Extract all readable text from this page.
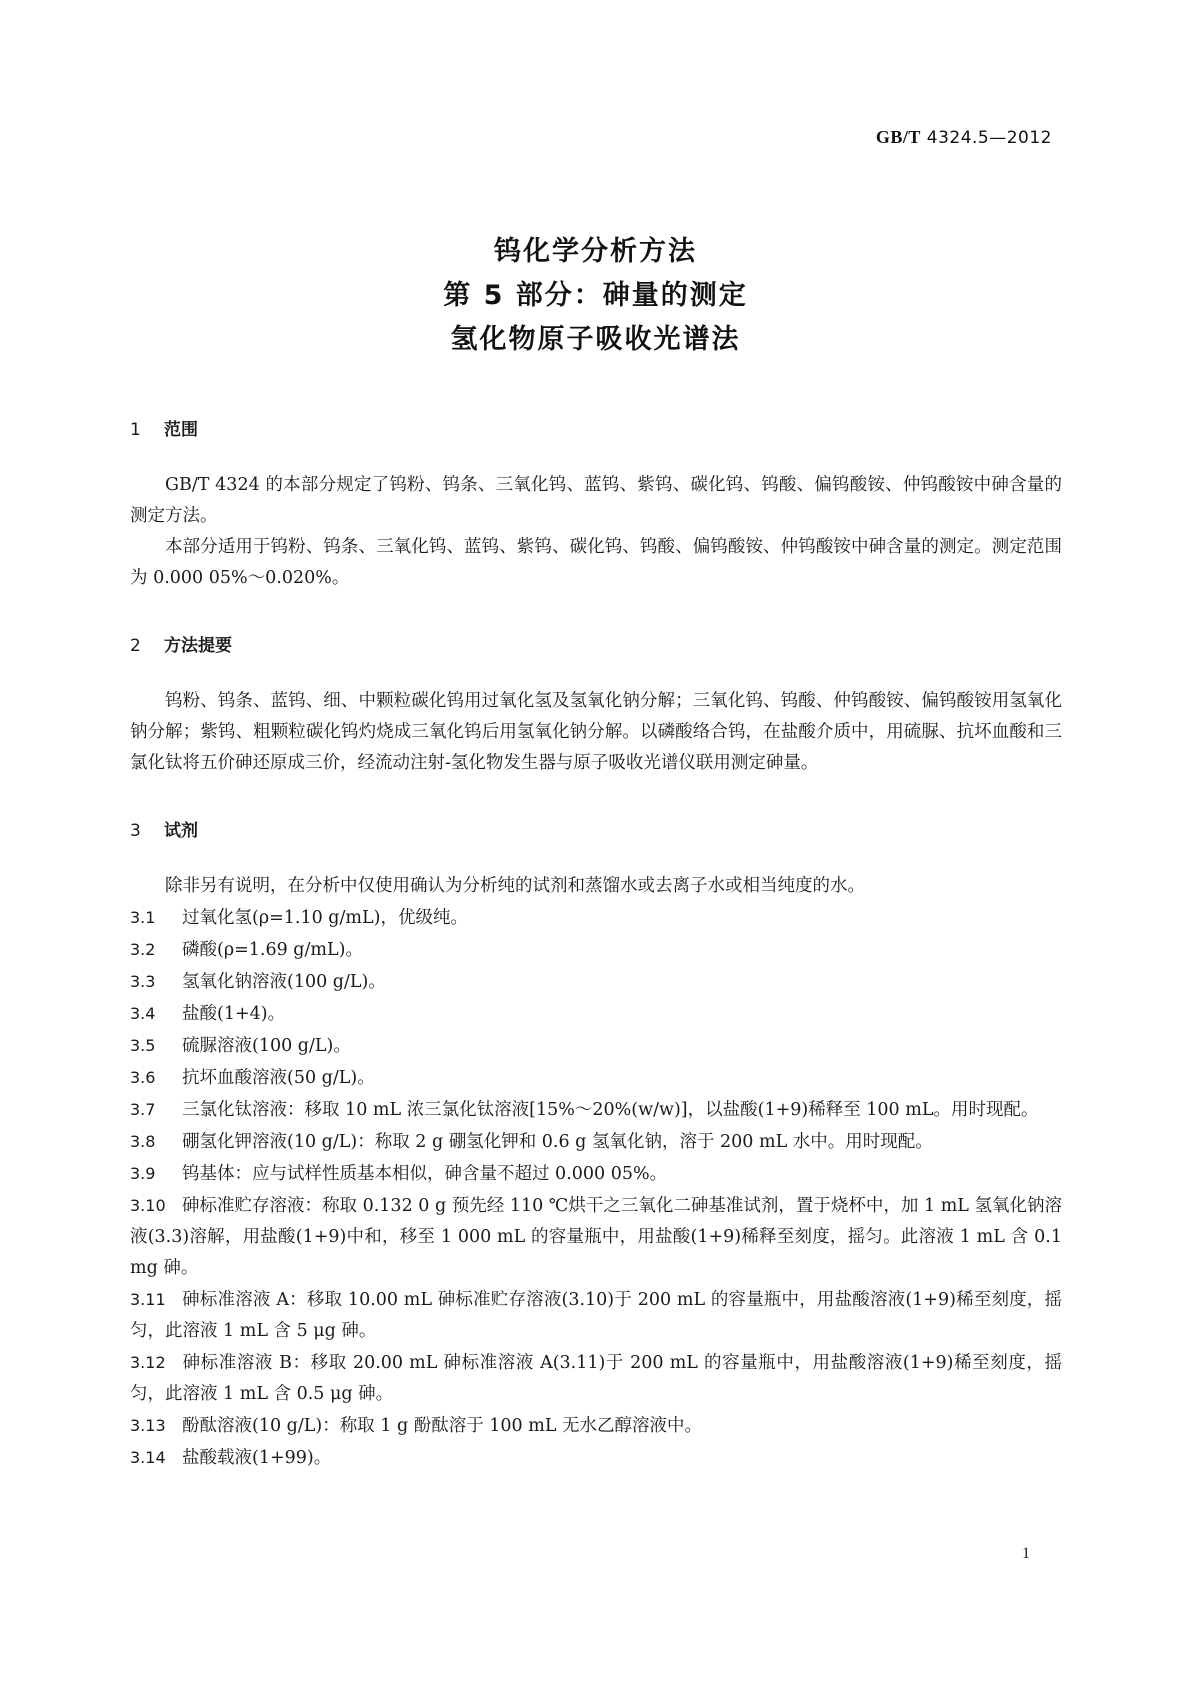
GB/T 4324.5—2012
钨化学分析方法
第 5 部分：砷量的测定
氢化物原子吸收光谱法
1 范围
GB/T 4324 的本部分规定了钨粉、钨条、三氧化钨、蓝钨、紫钨、碳化钨、钨酸、偏钨酸铵、仲钨酸铵中砷含量的测定方法。
本部分适用于钨粉、钨条、三氧化钨、蓝钨、紫钨、碳化钨、钨酸、偏钨酸铵、仲钨酸铵中砷含量的测定。测定范围为 0.000 05%～0.020%。
2 方法提要
钨粉、钨条、蓝钨、细、中颗粒碳化钨用过氧化氢及氢氧化钠分解；三氧化钨、钨酸、仲钨酸铵、偏钨酸铵用氢氧化钠分解；紫钨、粗颗粒碳化钨灼烧成三氧化钨后用氢氧化钠分解。以磷酸络合钨，在盐酸介质中，用硫脲、抗坏血酸和三氯化钛将五价砷还原成三价，经流动注射-氢化物发生器与原子吸收光谱仪联用测定砷量。
3 试剂
除非另有说明，在分析中仅使用确认为分析纯的试剂和蒸馏水或去离子水或相当纯度的水。
3.1 过氧化氢(ρ=1.10 g/mL)，优级纯。
3.2 磷酸(ρ=1.69 g/mL)。
3.3 氢氧化钠溶液(100 g/L)。
3.4 盐酸(1+4)。
3.5 硫脲溶液(100 g/L)。
3.6 抗坏血酸溶液(50 g/L)。
3.7 三氯化钛溶液：移取 10 mL 浓三氯化钛溶液[15%～20%(w/w)]，以盐酸(1+9)稀释至 100 mL。用时现配。
3.8 硼氢化钾溶液(10 g/L)：称取 2 g 硼氢化钾和 0.6 g 氢氧化钠，溶于 200 mL 水中。用时现配。
3.9 钨基体：应与试样性质基本相似，砷含量不超过 0.000 05%。
3.10 砷标准贮存溶液：称取 0.132 0 g 预先经 110 ℃烘干之三氧化二砷基准试剂，置于烧杯中，加 1 mL 氢氧化钠溶液(3.3)溶解，用盐酸(1+9)中和，移至 1 000 mL 的容量瓶中，用盐酸(1+9)稀释至刻度，摇匀。此溶液 1 mL 含 0.1 mg 砷。
3.11 砷标准溶液 A：移取 10.00 mL 砷标准贮存溶液(3.10)于 200 mL 的容量瓶中，用盐酸溶液(1+9)稀至刻度，摇匀，此溶液 1 mL 含 5 μg 砷。
3.12 砷标准溶液 B：移取 20.00 mL 砷标准溶液 A(3.11)于 200 mL 的容量瓶中，用盐酸溶液(1+9)稀至刻度，摇匀，此溶液 1 mL 含 0.5 μg 砷。
3.13 酚酞溶液(10 g/L)：称取 1 g 酚酞溶于 100 mL 无水乙醇溶液中。
3.14 盐酸载液(1+99)。
1
